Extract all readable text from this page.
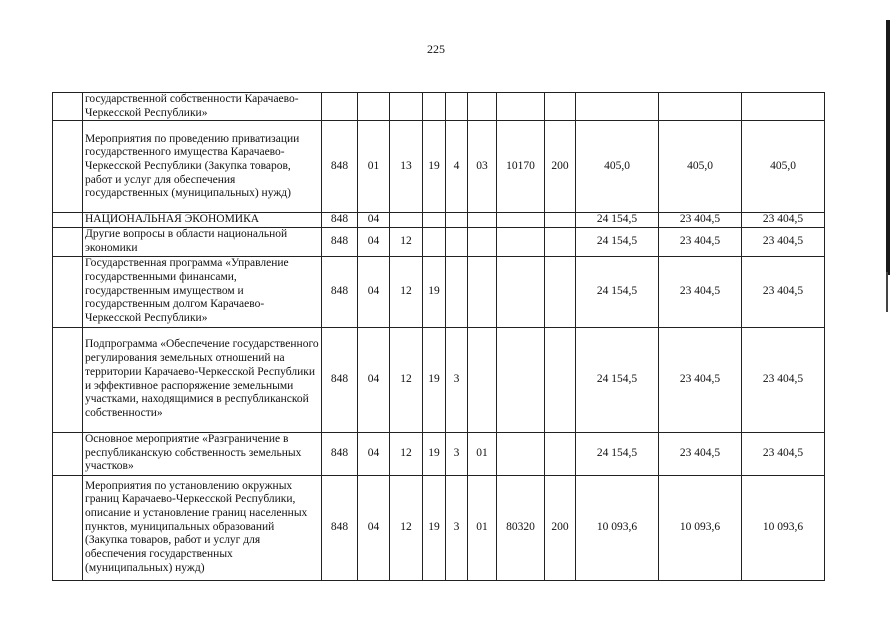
225
	государственной собственности Карачаево-Черкесской Республики»											
	Мероприятия по проведению приватизации государственного имущества Карачаево-Черкесской Республики (Закупка товаров, работ и услуг для обеспечения государственных (муниципальных) нужд)	848	01	13	19	4	03	10170	200	405,0	405,0	405,0
	НАЦИОНАЛЬНАЯ ЭКОНОМИКА	848	04							24 154,5	23 404,5	23 404,5
	Другие вопросы в области национальной экономики	848	04	12						24 154,5	23 404,5	23 404,5
	Государственная программа «Управление государственными финансами, государственным имуществом и государственным долгом Карачаево-Черкесской Республики»	848	04	12	19					24 154,5	23 404,5	23 404,5
	Подпрограмма «Обеспечение государственного регулирования земельных отношений на территории Карачаево-Черкесской Республики и эффективное распоряжение земельными участками, находящимися в республиканской собственности»	848	04	12	19	3				24 154,5	23 404,5	23 404,5
	Основное мероприятие «Разграничение в республиканскую собственность земельных участков»	848	04	12	19	3	01			24 154,5	23 404,5	23 404,5
	Мероприятия по установлению окружных границ Карачаево-Черкесской Республики, описание и установление границ населенных пунктов, муниципальных образований (Закупка товаров, работ и услуг для обеспечения государственных (муниципальных) нужд)	848	04	12	19	3	01	80320	200	10 093,6	10 093,6	10 093,6
